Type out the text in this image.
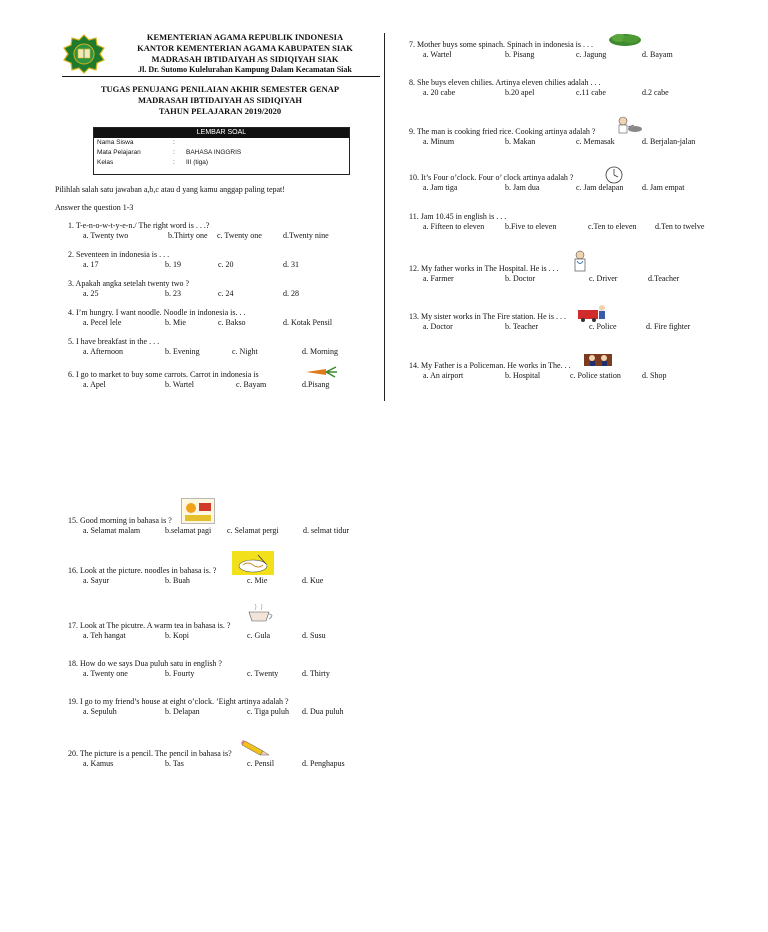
KEMENTERIAN AGAMA REPUBLIK INDONESIA
KANTOR KEMENTERIAN AGAMA KABUPATEN SIAK
MADRASAH IBTIDAIYAH AS SIDIQIYAH SIAK
Jl. Dr. Sutomo Kulelurahan Kampung Dalam Kecamatan Siak
TUGAS PENUJANG PENILAIAN AKHIR SEMESTER GENAP
MADRASAH IBTIDAIYAH AS SIDIQIYAH
TAHUN PELAJARAN 2019/2020
LEMBAR SOAL
Nama Siswa	:
Mata Pelajaran	: BAHASA INGGRIS
Kelas	: III (tiga)
Pilihlah salah satu jawaban a,b,c atau d yang kamu anggap paling tepat!
Answer the question 1-3
1. T-e-n-o-w-t-y-e-n./ The right word is . . .?
a. Twenty two	b.Thirty one c. Twenty one	d.Twenty nine
2. Seventeen in indonesia is . . .
a. 17	b. 19	c. 20	d. 31
3. Apakah angka setelah twenty two ?
a. 25	b. 23	c. 24	d. 28
4. I’m hungry. I want noodle. Noodle in indonesia is. . .
a. Pecel lele	b. Mie	c. Bakso	d. Kotak Pensil
5. I have breakfast in the . . .
a. Afternoon	b. Evening	c. Night	d. Morning
6. I go to market to buy some carrots. Carrot in indonesia is
a. Apel	b. Wartel	c. Bayam	d.Pisang
7. Mother buys some spinach. Spinach in indonesia is . . .
a. Wartel	b. Pisang	c. Jagung	d. Bayam
8. She buys eleven chilies. Artinya eleven chilies adalah . . .
a. 20 cabe	b.20 apel	c.11 cabe	d.2 cabe
9. The man is cooking fried rice. Cooking artinya adalah ?
a. Minum	b. Makan	c. Memasak	d. Berjalan-jalan
10. It’s Four o’clock. Four o’ clock artinya adalah ?
a. Jam tiga	b. Jam dua	c. Jam delapan d. Jam empat
11. Jam 10.45 in english is . . .
a. Fifteen to eleven	b.Five to eleven	c.Ten to eleven d.Ten to twelve
12. My father works in The Hospital. He is . . .
a. Farmer	b. Doctor	c. Driver	d.Teacher
13. My sister works in The Fire station. He is . . .
a. Doctor	b. Teacher	c. Police	d. Fire fighter
14. My Father is a Policeman. He works in The. . .
a. An airport	b. Hospital	c. Police station	d. Shop
15. Good morning in bahasa is ?
a. Selamat malam	b.selamat pagi c. Selamat pergi	d. selmat tidur
16. Look at the picture. noodles in bahasa is. ?
a. Sayur	b. Buah	c. Mie	d. Kue
17. Look at The picutre. A warm tea in bahasa is. ?
a. Teh hangat	b. Kopi	c. Gula	d. Susu
18. How do we says Dua puluh satu in english ?
a. Twenty one	b. Fourty	c. Twenty	d. Thirty
19. I go to my friend’s house at eight o’clock. ’Eight artinya adalah ?
a. Sepuluh	b. Delapan	c. Tiga puluh d. Dua puluh
20. The picture is a pencil. The pencil in bahasa is?
a. Kamus	b. Tas	c. Pensil	d. Penghapus
